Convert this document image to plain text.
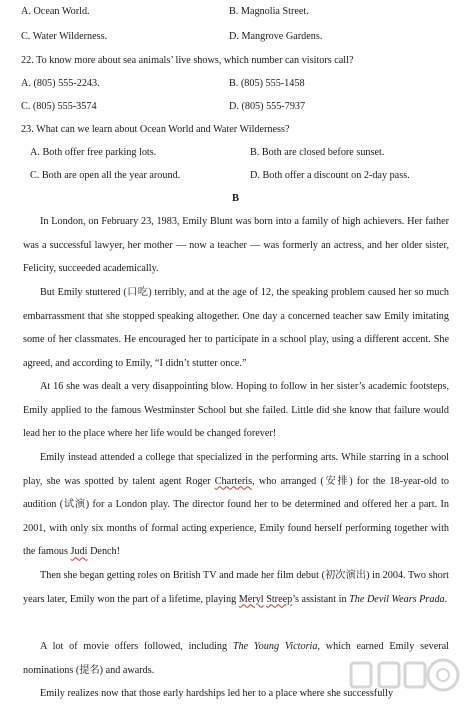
A. Ocean World.	B. Magnolia Street.
C. Water Wilderness.	D. Mangrove Gardens.
22. To know more about sea animals’ live shows, which number can visitors call?
A. (805) 555-2243.	B. (805) 555-1458
C. (805) 555-3574	D. (805) 555-7937
23. What can we learn about Ocean World and Water Wilderness?
A. Both offer free parking lots.	B. Both are closed before sunset.
C. Both are open all the year around.	D. Both offer a discount on 2-day pass.
B

In London, on February 23, 1983, Emily Blunt was born into a family of high achievers. Her father was a successful lawyer, her mother — now a teacher — was formerly an actress, and her older sister, Felicity, succeeded academically.

But Emily stuttered (口吃) terribly, and at the age of 12, the speaking problem caused her so much embarrassment that she stopped speaking altogether. One day a concerned teacher saw Emily imitating some of her classmates. He encouraged her to participate in a school play, using a different accent. She agreed, and according to Emily, “I didn’t stutter once.”

At 16 she was dealt a very disappointing blow. Hoping to follow in her sister’s academic footsteps, Emily applied to the famous Westminster School but she failed. Little did she know that failure would lead her to the place where her life would be changed forever!

Emily instead attended a college that specialized in the performing arts. While starring in a school play, she was spotted by talent agent Roger Charteris, who arranged (安排) for the 18-year-old to audition (试演) for a London play. The director found her to be determined and offered her a part. In 2001, with only six months of formal acting experience, Emily found herself performing together with the famous Judi Dench!

Then she began getting roles on British TV and made her film debut (初次演出) in 2004. Two short years later, Emily won the part of a lifetime, playing Meryl Streep’s assistant in The Devil Wears Prada.

A lot of movie offers followed, including The Young Victoria, which earned Emily several nominations (提名) and awards.

Emily realizes now that those early hardships led her to a place where she successfully
